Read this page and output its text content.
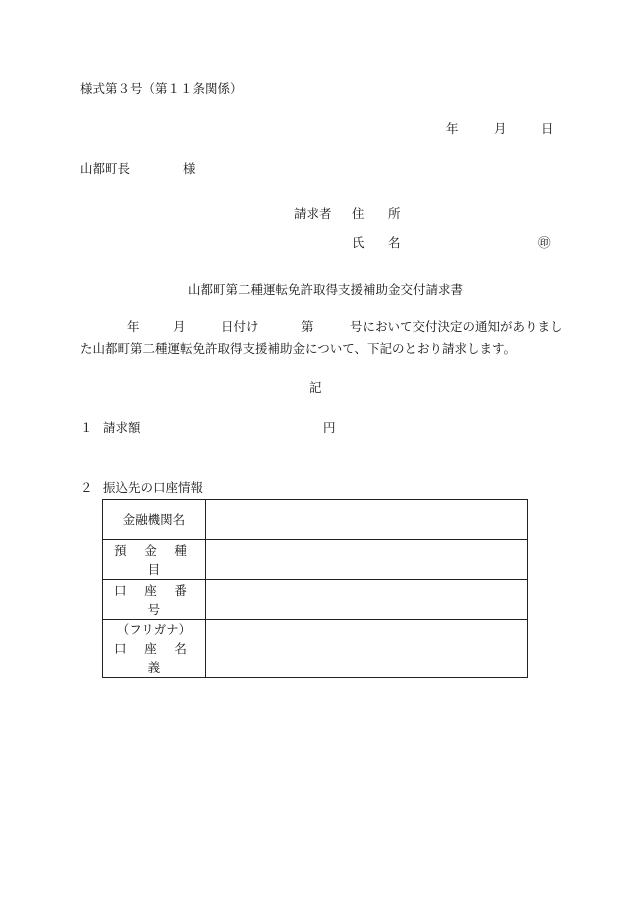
様式第３号（第１１条関係）
年	月	日
山都町長	様
請求者 住 所
氏 名	㊞
山都町第二種運転免許取得支援補助金交付請求書
年	月	日付け	第	号において交付決定の通知がありまし
た山都町第二種運転免許取得支援補助金について、下記のとおり請求します。
記
１ 請求額	円
２ 振込先の口座情報
金融機関名	
預 金 種 目	
口 座 番 号	

（フリガナ）
口 座 名 義	
